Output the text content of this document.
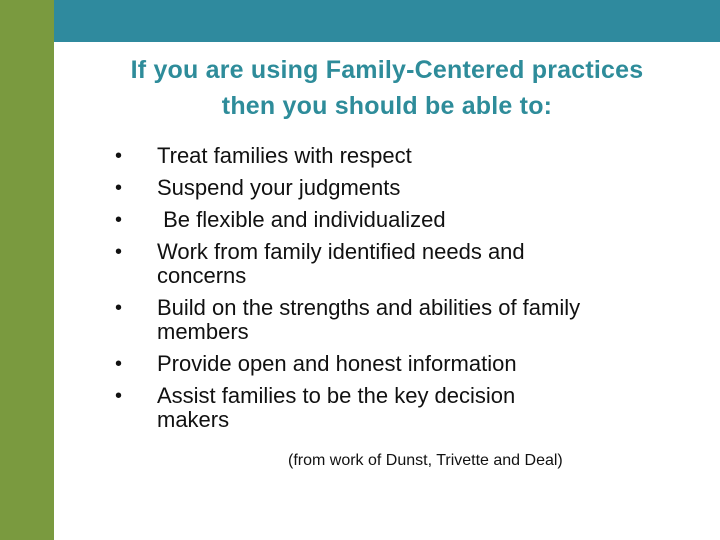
If you are using Family-Centered practices
then you should be able to:
• Treat families with respect
• Suspend your judgments
• Be flexible and individualized
• Work from family identified needs and concerns
• Build on the strengths and abilities of family members
• Provide open and honest information
• Assist families to be the key decision makers
(from work of Dunst, Trivette and Deal)
